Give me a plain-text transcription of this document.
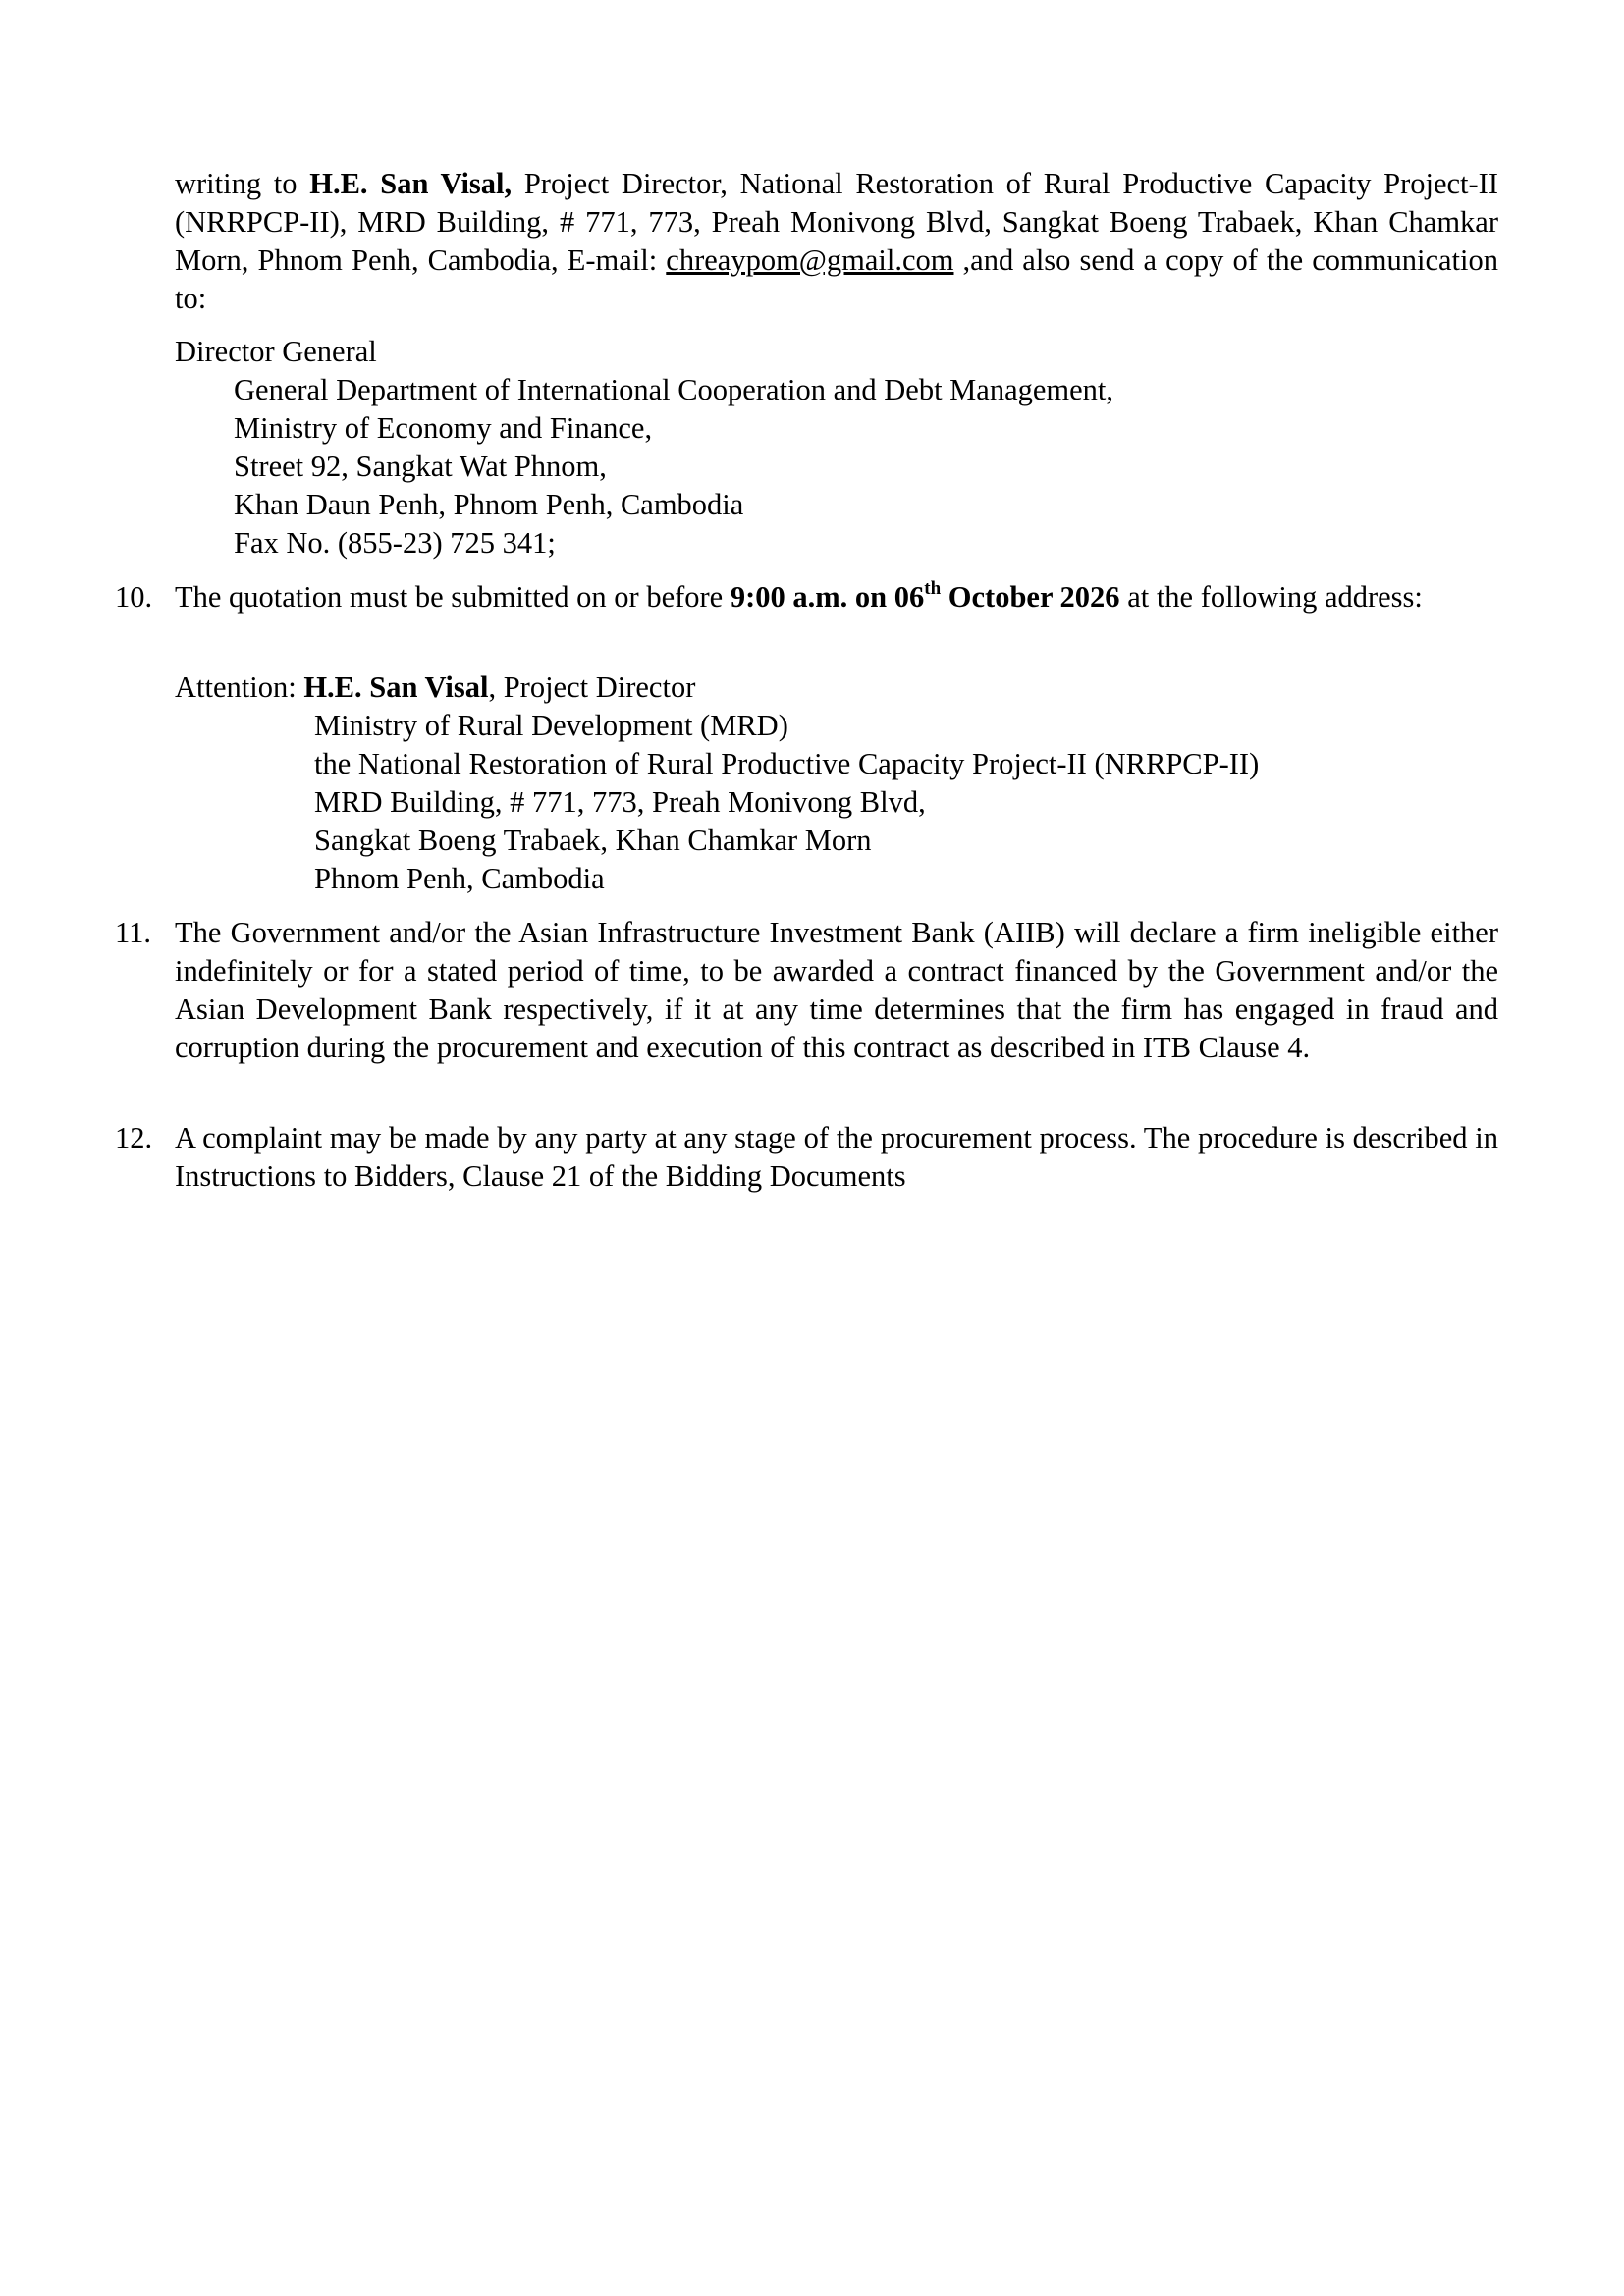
writing to H.E. San Visal, Project Director, National Restoration of Rural Productive Capacity Project-II (NRRPCP-II), MRD Building, # 771, 773, Preah Monivong Blvd, Sangkat Boeng Trabaek, Khan Chamkar Morn, Phnom Penh, Cambodia, E-mail: chreaypom@gmail.com ,and also send a copy of the communication to:
Director General
General Department of International Cooperation and Debt Management,
Ministry of Economy and Finance,
Street 92, Sangkat Wat Phnom,
Khan Daun Penh, Phnom Penh, Cambodia
Fax No. (855-23) 725 341;
10. The quotation must be submitted on or before 9:00 a.m. on 06th October 2026 at the following address:
Attention: H.E. San Visal, Project Director
Ministry of Rural Development (MRD)
the National Restoration of Rural Productive Capacity Project-II (NRRPCP-II)
MRD Building, # 771, 773, Preah Monivong Blvd,
Sangkat Boeng Trabaek, Khan Chamkar Morn
Phnom Penh, Cambodia
11. The Government and/or the Asian Infrastructure Investment Bank (AIIB) will declare a firm ineligible either indefinitely or for a stated period of time, to be awarded a contract financed by the Government and/or the Asian Development Bank respectively, if it at any time determines that the firm has engaged in fraud and corruption during the procurement and execution of this contract as described in ITB Clause 4.
12. A complaint may be made by any party at any stage of the procurement process. The procedure is described in Instructions to Bidders, Clause 21 of the Bidding Documents
